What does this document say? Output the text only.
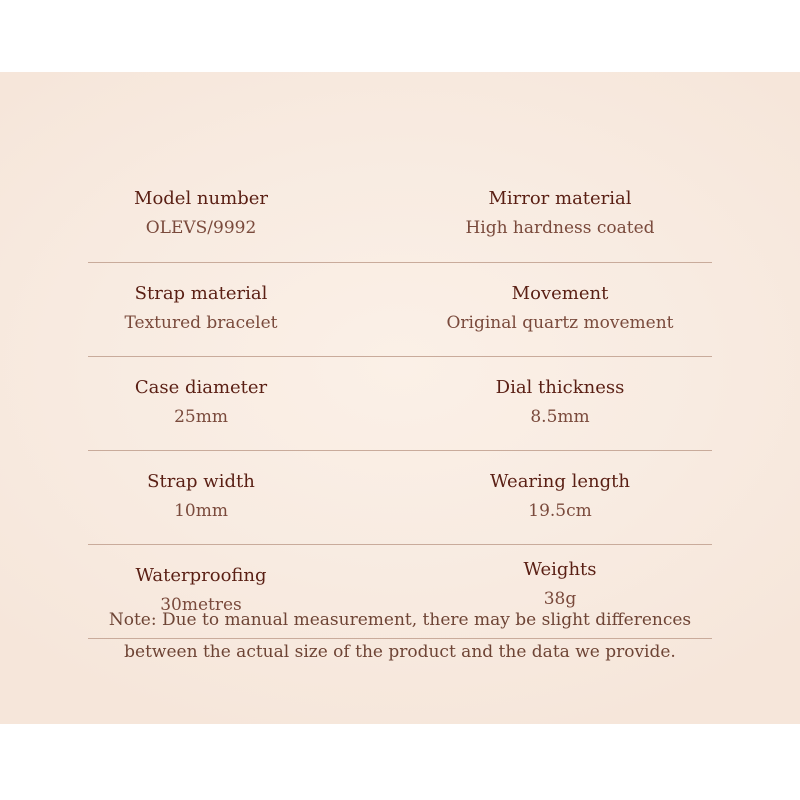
Model number
OLEVS/9992
Mirror material
High hardness coated
Strap material
Textured bracelet
Movement
Original quartz movement
Case diameter
25mm
Dial thickness
8.5mm
Strap width
10mm
Wearing length
19.5cm
Waterproofing
30metres
Weights
38g
Note: Due to manual measurement, there may be slight differences
between the actual size of the product and the data we provide.
